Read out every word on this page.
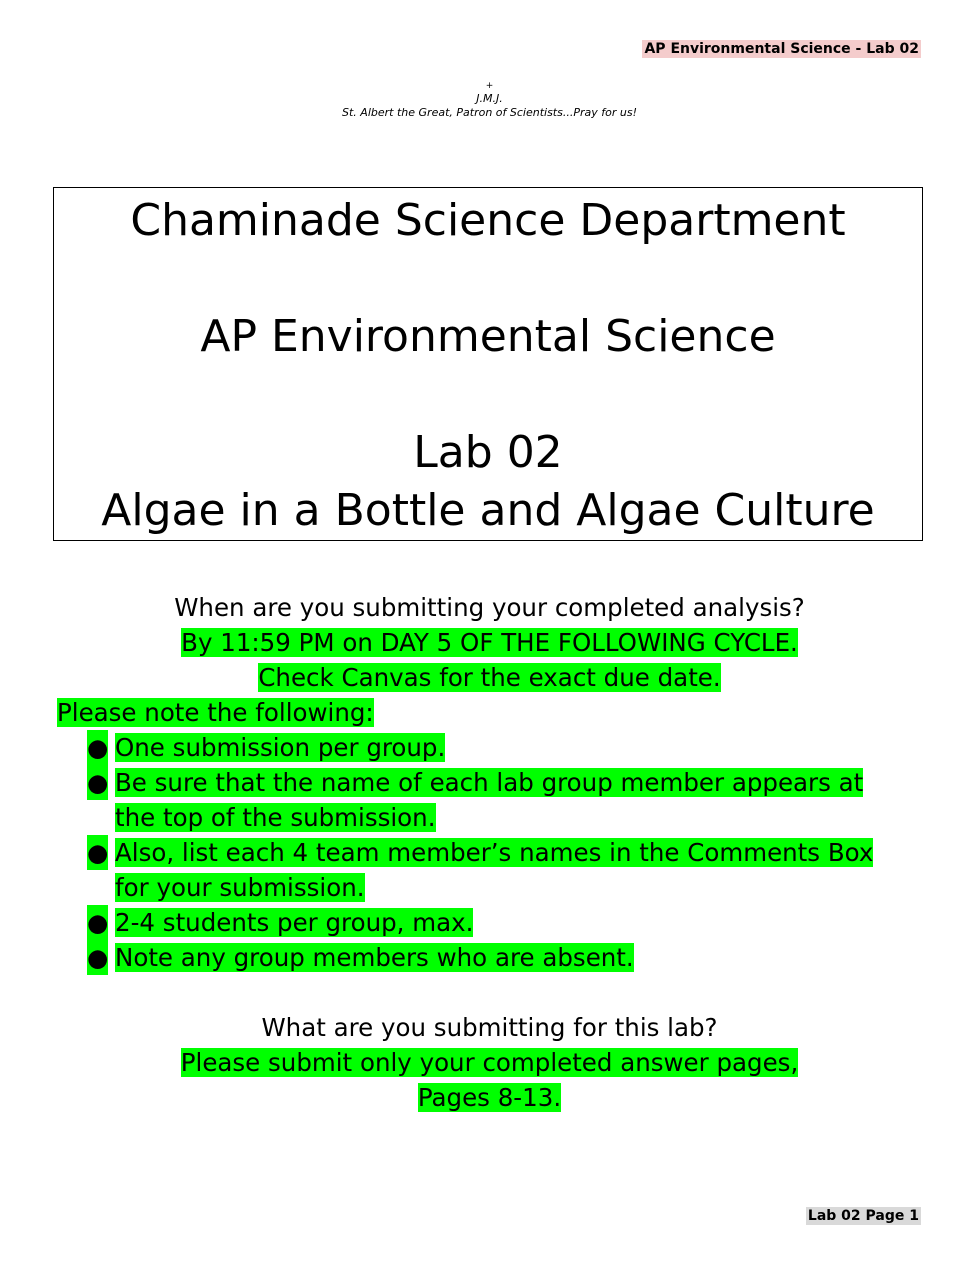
AP Environmental Science - Lab 02
+
J.M.J.
St. Albert the Great, Patron of Scientists...Pray for us!
Chaminade Science Department
AP Environmental Science
Lab 02
Algae in a Bottle and Algae Culture
When are you submitting your completed analysis?
By 11:59 PM on DAY 5 OF THE FOLLOWING CYCLE.
Check Canvas for the exact due date.
Please note the following:
● One submission per group.
● Be sure that the name of each lab group member appears at the top of the submission.
● Also, list each 4 team member’s names in the Comments Box for your submission.
● 2-4 students per group, max.
● Note any group members who are absent.
What are you submitting for this lab?
Please submit only your completed answer pages,
Pages 8-13.
Lab 02 Page 1
